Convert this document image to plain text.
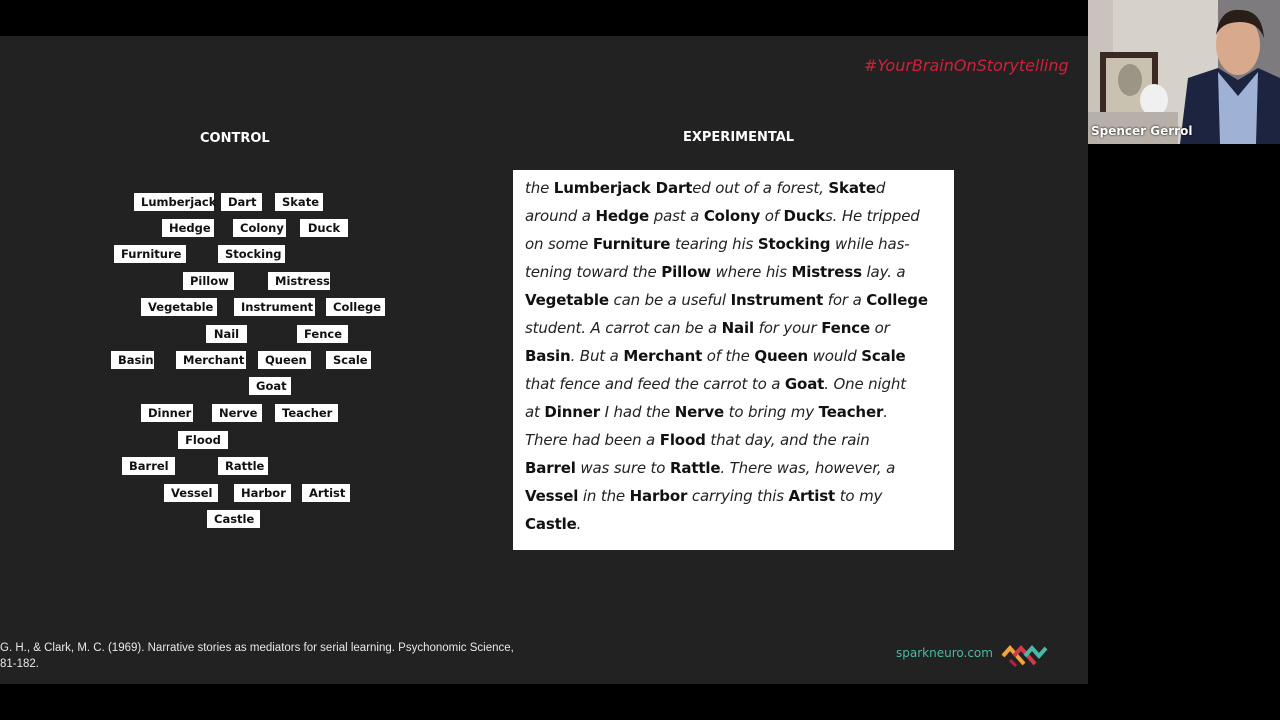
#YourBrainOnStorytelling
CONTROL	EXPERIMENTAL
Lumberjack	Dart	Skate
Hedge	Colony	Duck
Furniture	Stocking
Pillow	Mistress
Vegetable	Instrument	College
Nail	Fence
Basin	Merchant	Queen	Scale
Goat
Dinner	Nerve	Teacher
Flood
Barrel	Rattle
Vessel	Harbor	Artist
Castle

the Lumberjack Darted out of a forest, Skated

around a Hedge past a Colony of Ducks. He tripped

on some Furniture tearing his Stocking while has-

tening toward the Pillow where his Mistress lay. a

Vegetable can be a useful Instrument for a College

student. A carrot can be a Nail for your Fence or

Basin. But a Merchant of the Queen would Scale

that fence and feed the carrot to a Goat. One night

at Dinner I had the Nerve to bring my Teacher.

There had been a Flood that day, and the rain

Barrel was sure to Rattle. There was, however, a

Vessel in the Harbor carrying this Artist to my

Castle.

G. H., & Clark, M. C. (1969). Narrative stories as mediators for serial learning. Psychonomic Science,
81-182.
sparkneuro.com
Spencer Gerrol
